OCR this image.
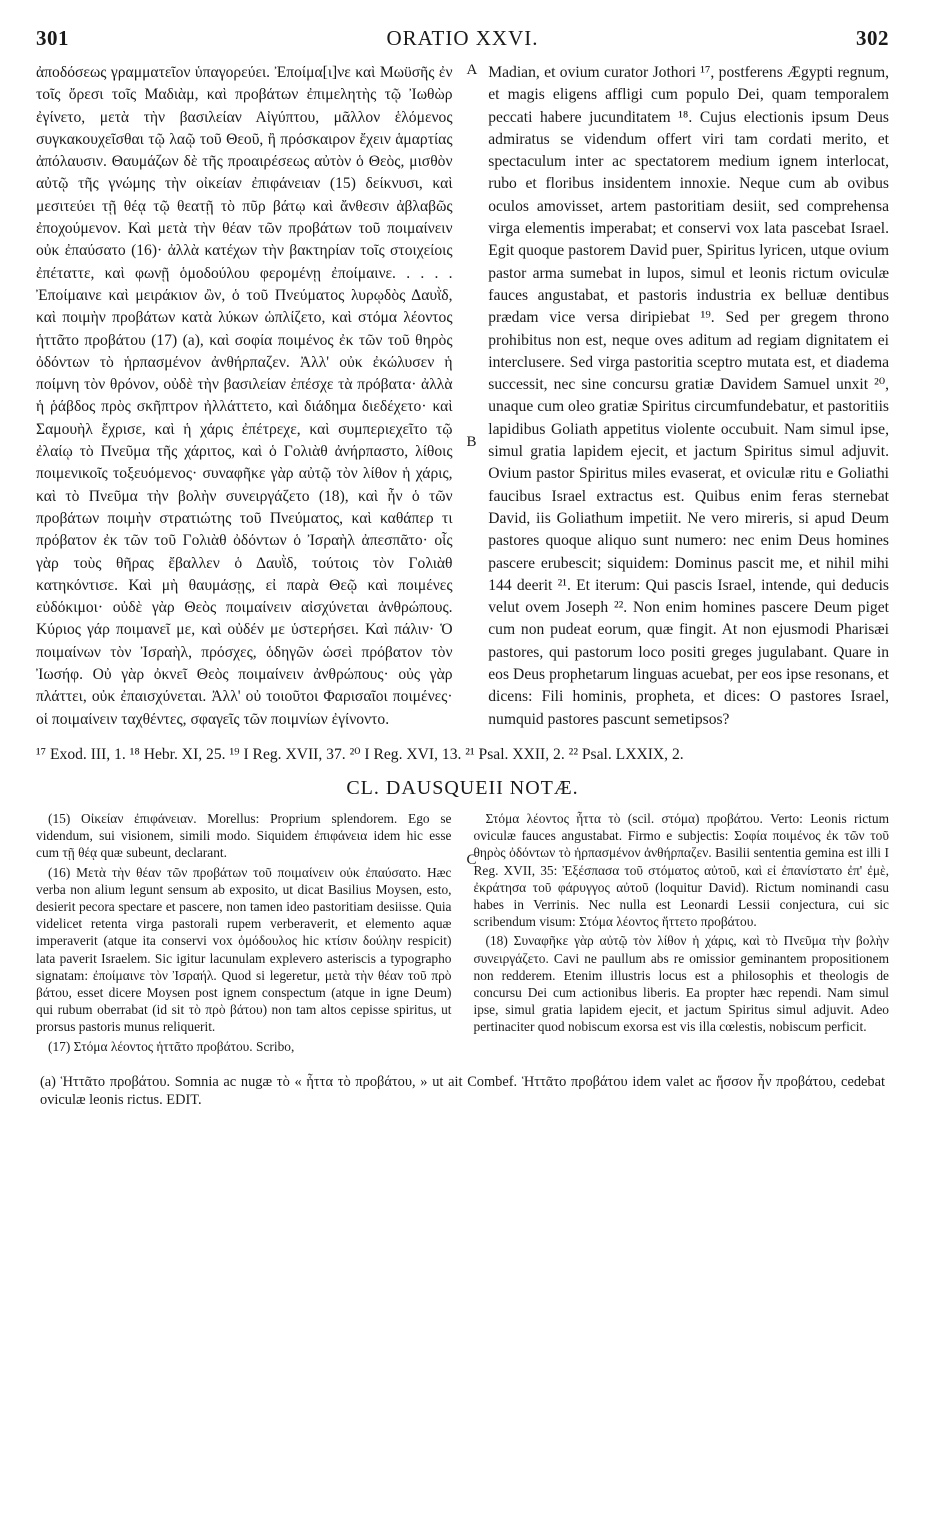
301	ORATIO XXVI.	302

ἀποδόσεως γραμματεῖον ὑπαγορεύει. Ἐποίμα[ι]νε καὶ Μωϋσῆς ἐν τοῖς ὄρεσι τοῖς Μαδιὰμ, καὶ προβάτων ἐπιμελητὴς τῷ Ἰωθὼρ ἐγίνετο, μετὰ τὴν βασιλείαν Αἰγύπτου, μᾶλλον ἑλόμενος συγκακουχεῖσθαι τῷ λαῷ τοῦ Θεοῦ, ἢ πρόσκαιρον ἔχειν ἁμαρτίας ἀπόλαυσιν. Θαυμάζων δὲ τῆς προαιρέσεως αὐτὸν ὁ Θεὸς, μισθὸν αὐτῷ τῆς γνώμης τὴν οἰκείαν ἐπιφάνειαν (15) δείκνυσι, καὶ μεσιτεύει τῇ θέᾳ τῷ θεατῇ τὸ πῦρ βάτῳ καὶ ἄνθεσιν ἀβλαβῶς ἐποχούμενον. Καὶ μετὰ τὴν θέαν τῶν προβάτων τοῦ ποιμαίνειν οὐκ ἐπαύσατο (16)· ἀλλὰ κατέχων τὴν βακτηρίαν τοῖς στοιχείοις ἐπέταττε, καὶ φωνῇ ὁμοδούλου φερομένῃ ἐποίμαινε. . . . . Ἐποίμαινε καὶ μειράκιον ὢν, ὁ τοῦ Πνεύματος λυρῳδὸς Δαυῒδ, καὶ ποιμὴν προβάτων κατὰ λύκων ὡπλίζετο, καὶ στόμα λέοντος ἡττᾶτο προβάτου (17) (a), καὶ σοφία ποιμένος ἐκ τῶν τοῦ θηρὸς ὀδόντων τὸ ἡρπασμένον ἀνθήρπαζεν. Ἀλλ' οὐκ ἐκώλυσεν ἡ ποίμνη τὸν θρόνον, οὐδὲ τὴν βασιλείαν ἐπέσχε τὰ πρόβατα· ἀλλὰ ἡ ῥάβδος πρὸς σκῆπτρον ἠλλάττετο, καὶ διάδημα διεδέχετο· καὶ Σαμουὴλ ἔχρισε, καὶ ἡ χάρις ἐπέτρεχε, καὶ συμπεριεχεῖτο τῷ ἐλαίῳ τὸ Πνεῦμα τῆς χάριτος, καὶ ὁ Γολιὰθ ἀνήρπαστο, λίθοις ποιμενικοῖς τοξευόμενος· συναφῆκε γὰρ αὐτῷ τὸν λίθον ἡ χάρις, καὶ τὸ Πνεῦμα τὴν βολὴν συνειργάζετο (18), καὶ ἦν ὁ τῶν προβάτων ποιμὴν στρατιώτης τοῦ Πνεύματος, καὶ καθάπερ τι πρόβατον ἐκ τῶν τοῦ Γολιὰθ ὀδόντων ὁ Ἰσραὴλ ἀπεσπᾶτο· οἷς γὰρ τοὺς θῆρας ἔβαλλεν ὁ Δαυῒδ, τούτοις τὸν Γολιὰθ κατηκόντισε. Καὶ μὴ θαυμάσῃς, εἰ παρὰ Θεῷ καὶ ποιμένες εὐδόκιμοι· οὐδὲ γὰρ Θεὸς ποιμαίνειν αἰσχύνεται ἀνθρώπους. Κύριος γάρ ποιμανεῖ με, καὶ οὐδέν με ὑστερήσει. Καὶ πάλιν· Ὁ ποιμαίνων τὸν Ἰσραὴλ, πρόσχες, ὁδηγῶν ὡσεὶ πρόβατον τὸν Ἰωσήφ. Οὐ γὰρ ὀκνεῖ Θεὸς ποιμαίνειν ἀνθρώπους· οὐς γὰρ πλάττει, οὐκ ἐπαισχύνεται. Ἀλλ' οὐ τοιοῦτοι Φαρισαῖοι ποιμένες· οἱ ποιμαίνειν ταχθέντες, σφαγεῖς τῶν ποιμνίων ἐγίνοντο.

A
B
C

Madian, et ovium curator Jothori ¹⁷, postferens Ægypti regnum, et magis eligens affligi cum populo Dei, quam temporalem peccati habere jucunditatem ¹⁸. Cujus electionis ipsum Deus admiratus se videndum offert viri tam cordati merito, et spectaculum inter ac spectatorem medium ignem interlocat, rubo et floribus insidentem innoxie. Neque cum ab ovibus oculos amovisset, artem pastoritiam desiit, sed comprehensa virga elementis imperabat; et conservi vox lata pascebat Israel. Egit quoque pastorem David puer, Spiritus lyricen, utque ovium pastor arma sumebat in lupos, simul et leonis rictum oviculæ fauces angustabat, et pastoris industria ex belluæ dentibus prædam vice versa diripiebat ¹⁹. Sed per gregem throno prohibitus non est, neque oves aditum ad regiam dignitatem ei interclusere. Sed virga pastoritia sceptro mutata est, et diadema successit, nec sine concursu gratiæ Davidem Samuel unxit ²⁰, unaque cum oleo gratiæ Spiritus circumfundebatur, et pastoritiis lapidibus Goliath appetitus violente occubuit. Nam simul ipse, simul gratia lapidem ejecit, et jactum Spiritus simul adjuvit. Ovium pastor Spiritus miles evaserat, et oviculæ ritu e Goliathi faucibus Israel extractus est. Quibus enim feras sternebat David, iis Goliathum impetiit. Ne vero mireris, si apud Deum pastores quoque aliquo sunt numero: nec enim Deus homines pascere erubescit; siquidem: Dominus pascit me, et nihil mihi 144 deerit ²¹. Et iterum: Qui pascis Israel, intende, qui deducis velut ovem Joseph ²². Non enim homines pascere Deum piget cum non pudeat eorum, quæ fingit. At non ejusmodi Pharisæi pastores, qui pastorum loco positi greges jugulabant. Quare in eos Deus prophetarum linguas acuebat, per eos ipse resonans, et dicens: Fili hominis, propheta, et dices: O pastores Israel, numquid pastores pascunt semetipsos?

¹⁷ Exod. III, 1. ¹⁸ Hebr. XI, 25. ¹⁹ I Reg. XVII, 37. ²⁰ I Reg. XVI, 13. ²¹ Psal. XXII, 2. ²² Psal. LXXIX, 2.
CL. DAUSQUEII NOTÆ.

(15) Οἰκείαν ἐπιφάνειαν. Morellus: Proprium splendorem. Ego se videndum, sui visionem, simili modo. Siquidem ἐπιφάνεια idem hic esse cum τῇ θέᾳ quæ subeunt, declarant.

(16) Μετὰ τὴν θέαν τῶν προβάτων τοῦ ποιμαίνειν οὐκ ἐπαύσατο. Hæc verba non alium legunt sensum ab exposito, ut dicat Basilius Moysen, esto, desierit pecora spectare et pascere, non tamen ideo pastoritiam desiisse. Quia videlicet retenta virga pastorali rupem verberaverit, et elemento aquæ imperaverit (atque ita conservi vox ὁμόδουλος hic κτίσιν δούλην respicit) lata paverit Israelem. Sic igitur lacunulam explevero asteriscis a typographo signatam: ἐποίμαινε τὸν Ἰσραήλ. Quod si legeretur, μετὰ τὴν θέαν τοῦ πρὸ βάτου, esset dicere Moysen post ignem conspectum (atque in igne Deum) qui rubum oberrabat (id sit τὸ πρὸ βάτου) non tam altos cepisse spiritus, ut prorsus pastoris munus reliquerit.

(17) Στόμα λέοντος ἡττᾶτο προβάτου. Scribo,

Στόμα λέοντος ἧττα τὸ (scil. στόμα) προβάτου. Verto: Leonis rictum oviculæ fauces angustabat. Firmo e subjectis: Σοφία ποιμένος ἐκ τῶν τοῦ θηρὸς ὀδόντων τὸ ἡρπασμένον ἀνθήρπαζεν. Basilii sententia gemina est illi I Reg. XVII, 35: Ἐξέσπασα τοῦ στόματος αὐτοῦ, καὶ εἰ ἐπανίστατο ἐπ' ἐμὲ, ἐκράτησα τοῦ φάρυγγος αὐτοῦ (loquitur David). Rictum nominandi casu habes in Verrinis. Nec nulla est Leonardi Lessii conjectura, cui sic scribendum visum: Στόμα λέοντος ἥττετο προβάτου.

(18) Συναφῆκε γὰρ αὐτῷ τὸν λίθον ἡ χάρις, καὶ τὸ Πνεῦμα τὴν βολὴν συνειργάζετο. Cavi ne paullum abs re omissior geminantem propositionem non redderem. Etenim illustris locus est a philosophis et theologis de concursu Dei cum actionibus liberis. Ea propter hæc rependi. Nam simul ipse, simul gratia lapidem ejecit, et jactum Spiritus simul adjuvit. Adeo pertinaciter quod nobiscum exorsa est vis illa cœlestis, nobiscum perficit.

(a) Ἡττᾶτο προβάτου. Somnia ac nugæ τὸ « ἧττα τὸ προβάτου, » ut ait Combef. Ἡττᾶτο προβάτου idem valet ac ἥσσον ἦν προβάτου, cedebat oviculæ leonis rictus. EDIT.
